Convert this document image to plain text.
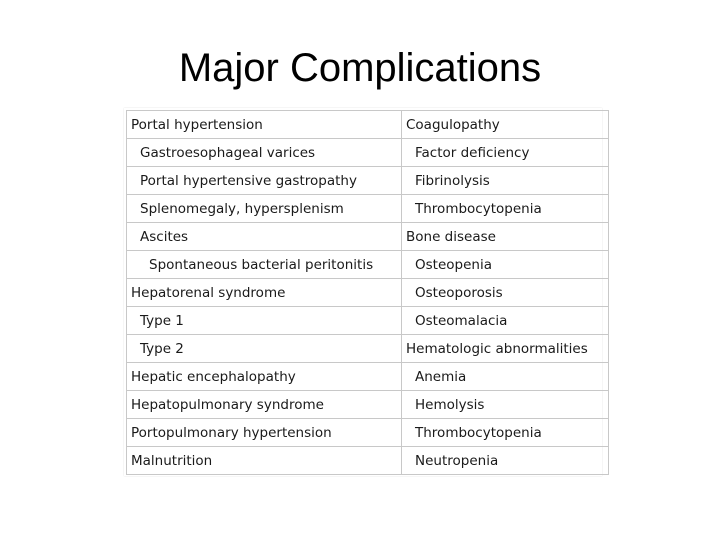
Major Complications
Portal hypertension	Coagulopathy
Gastroesophageal varices	Factor deficiency
Portal hypertensive gastropathy	Fibrinolysis
Splenomegaly, hypersplenism	Thrombocytopenia
Ascites	Bone disease
Spontaneous bacterial peritonitis	Osteopenia
Hepatorenal syndrome	Osteoporosis
Type 1	Osteomalacia
Type 2	Hematologic abnormalities
Hepatic encephalopathy	Anemia
Hepatopulmonary syndrome	Hemolysis
Portopulmonary hypertension	Thrombocytopenia
Malnutrition	Neutropenia
